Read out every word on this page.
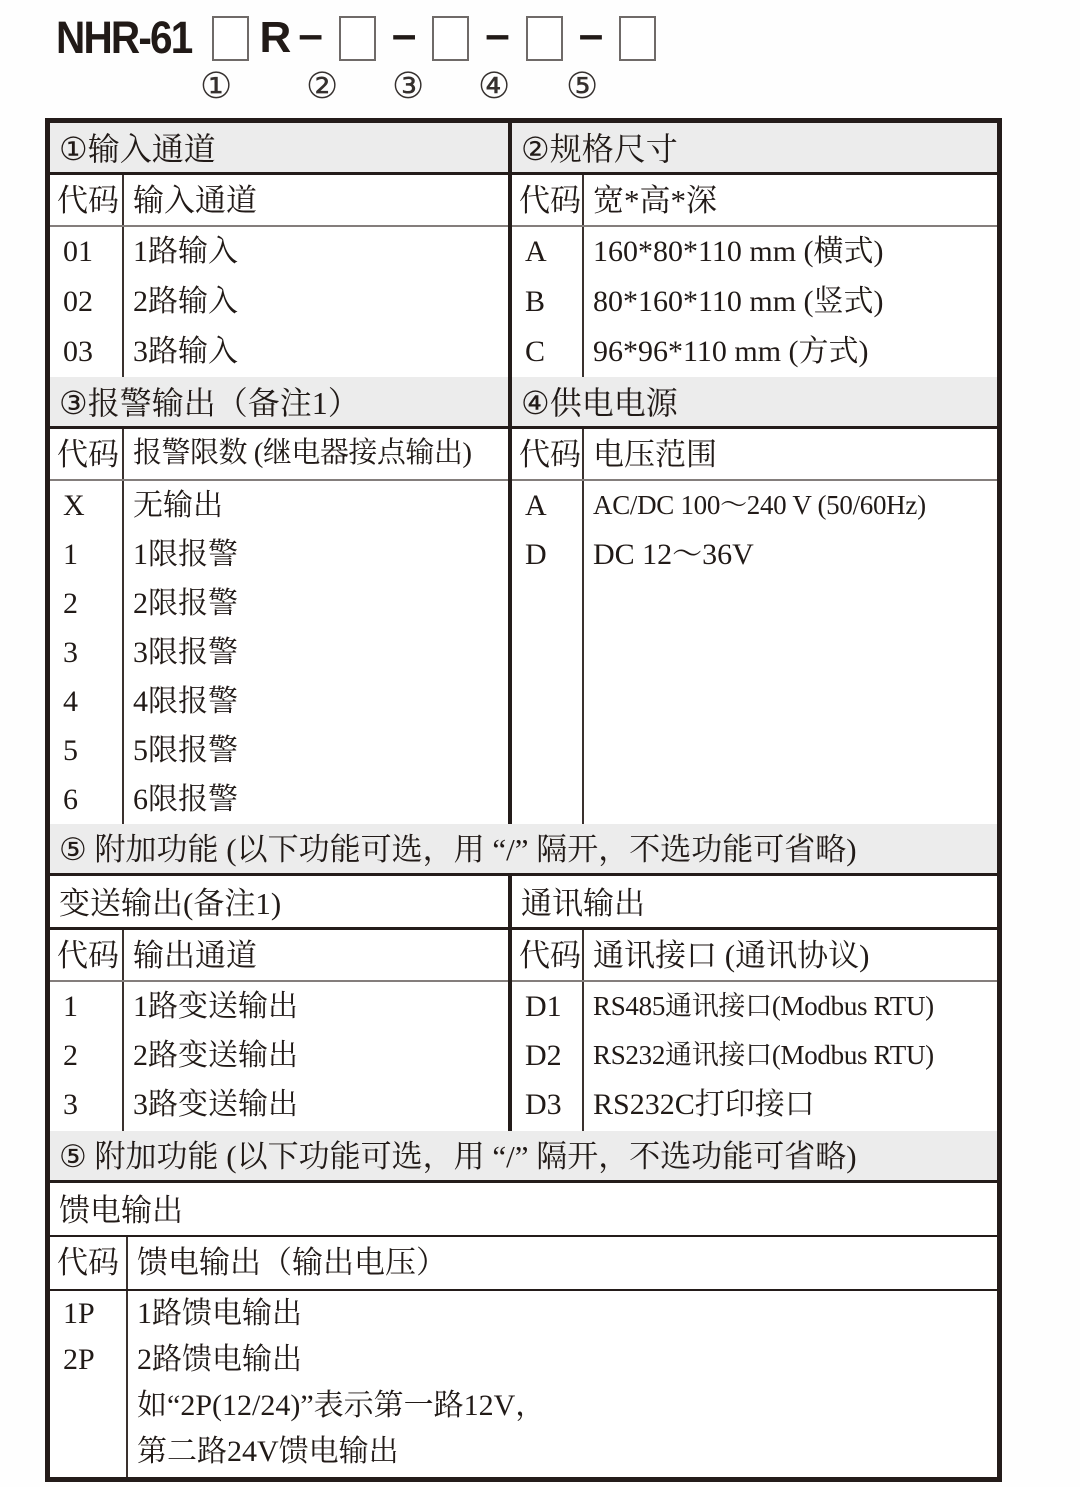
NHR-61 R – – – –
① ② ③ ④ ⑤
①输入通道
代码 输入通道
01
02
03
1路输入
2路输入
3路输入
②规格尺寸
代码 宽*高*深
A
B
C
160*80*110 mm (横式)
80*160*110 mm (竖式)
96*96*110 mm (方式)
③报警输出（备注1）
代码 报警限数 (继电器接点输出)
X
1
2
3
4
5
6
无输出
1限报警
2限报警
3限报警
4限报警
5限报警
6限报警
④供电电源
代码 电压范围
A
D
AC/DC 100～240 V (50/60Hz)
DC 12～36V
⑤ 附加功能 (以下功能可选，用 “/” 隔开，不选功能可省略)
变送输出(备注1)
代码 输出通道
1
2
3
1路变送输出
2路变送输出
3路变送输出
通讯输出
代码 通讯接口 (通讯协议)
D1
D2
D3
RS485通讯接口(Modbus RTU)
RS232通讯接口(Modbus RTU)
RS232C打印接口
⑤ 附加功能 (以下功能可选，用 “/” 隔开，不选功能可省略)
馈电输出
代码 馈电输出（输出电压）
1P
2P
1路馈电输出
2路馈电输出
如“2P(12/24)”表示第一路12V，
第二路24V馈电输出
